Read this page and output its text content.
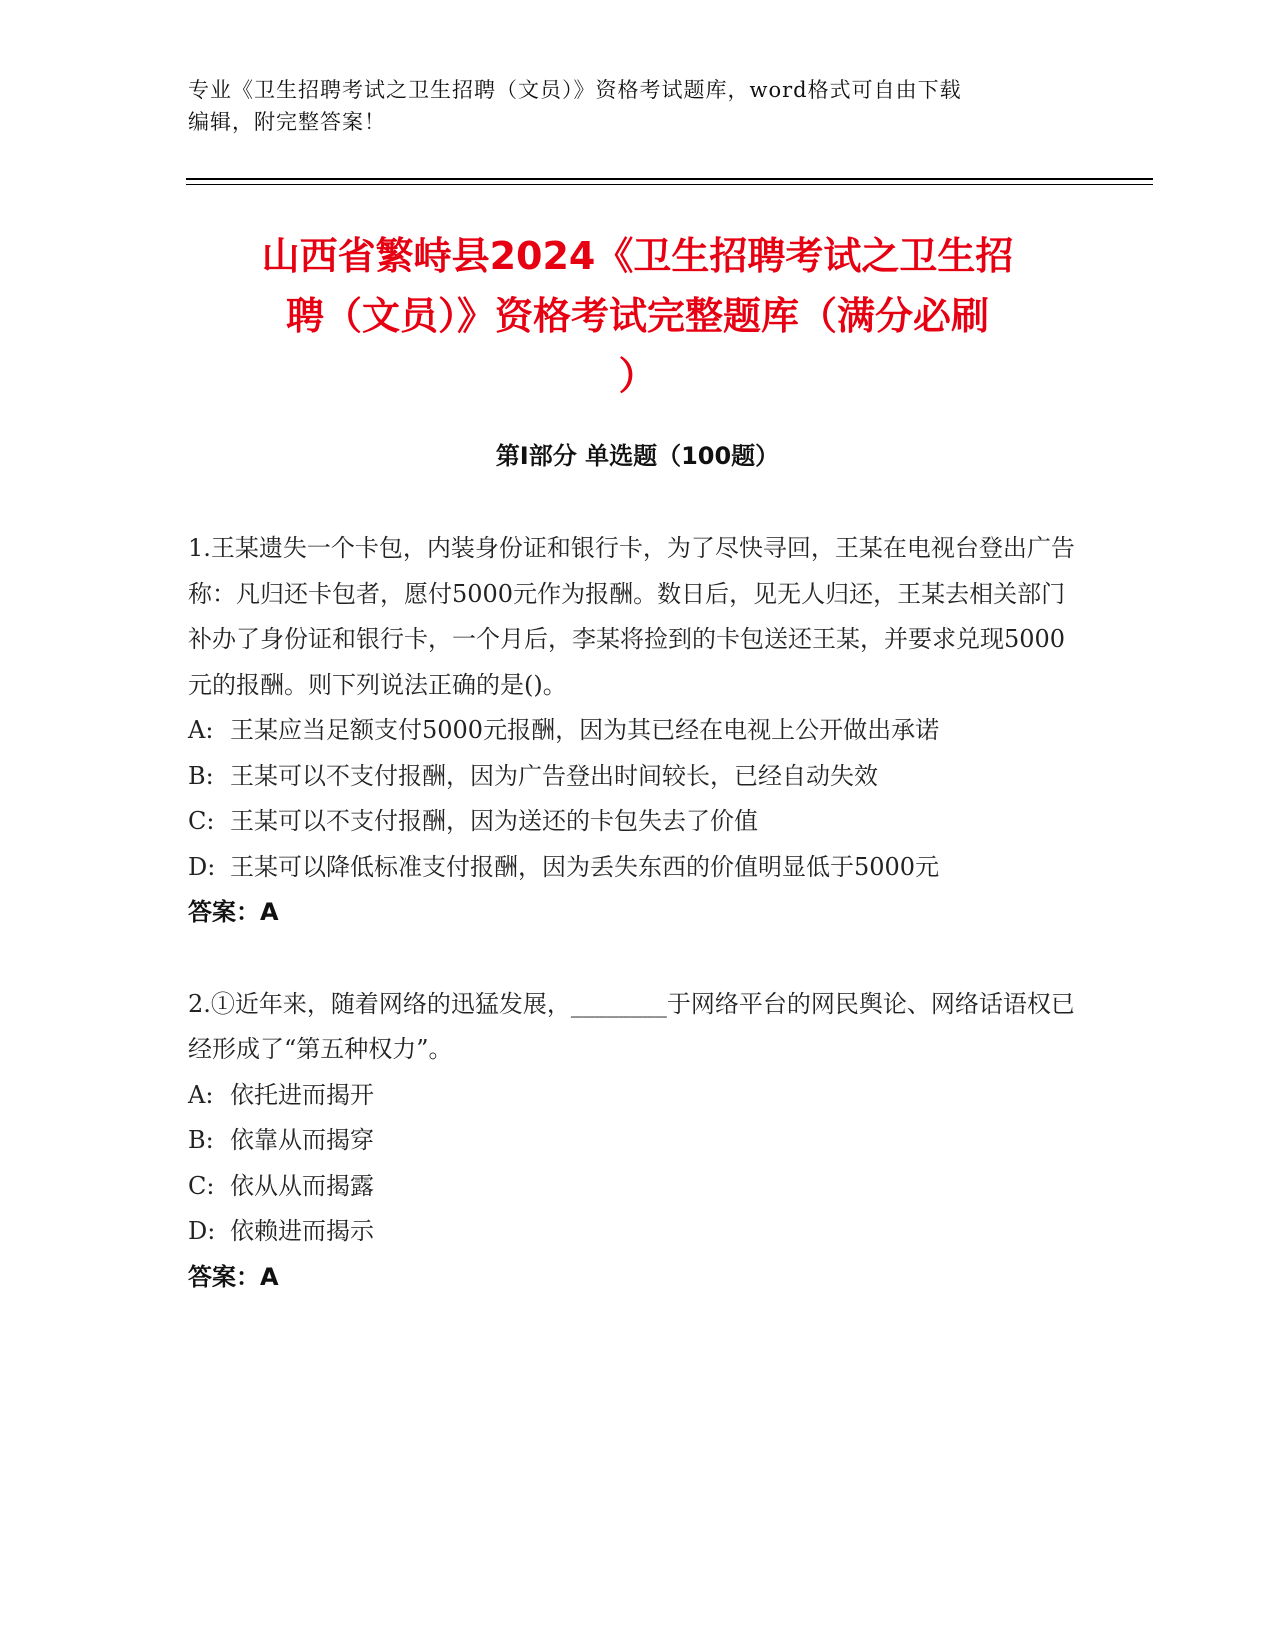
专业《卫生招聘考试之卫生招聘（文员）》资格考试题库，word格式可自由下载
编辑，附完整答案！
山西省繁峙县2024《卫生招聘考试之卫生招
聘（文员）》资格考试完整题库（满分必刷
）
第Ⅰ部分 单选题（100题）

1.王某遗失一个卡包，内装身份证和银行卡，为了尽快寻回，王某在电视台登出广告称：凡归还卡包者，愿付5000元作为报酬。数日后，见无人归还，王某去相关部门补办了身份证和银行卡，一个月后，李某将捡到的卡包送还王某，并要求兑现5000元的报酬。则下列说法正确的是()。

A: 王某应当足额支付5000元报酬，因为其已经在电视上公开做出承诺

B: 王某可以不支付报酬，因为广告登出时间较长，已经自动失效

C: 王某可以不支付报酬，因为送还的卡包失去了价值

D: 王某可以降低标准支付报酬，因为丢失东西的价值明显低于5000元

答案：A

2.①近年来，随着网络的迅猛发展，________于网络平台的网民舆论、网络话语权已经形成了“第五种权力”。

A: 依托进而揭开

B: 依靠从而揭穿

C: 依从从而揭露

D: 依赖进而揭示

答案：A
